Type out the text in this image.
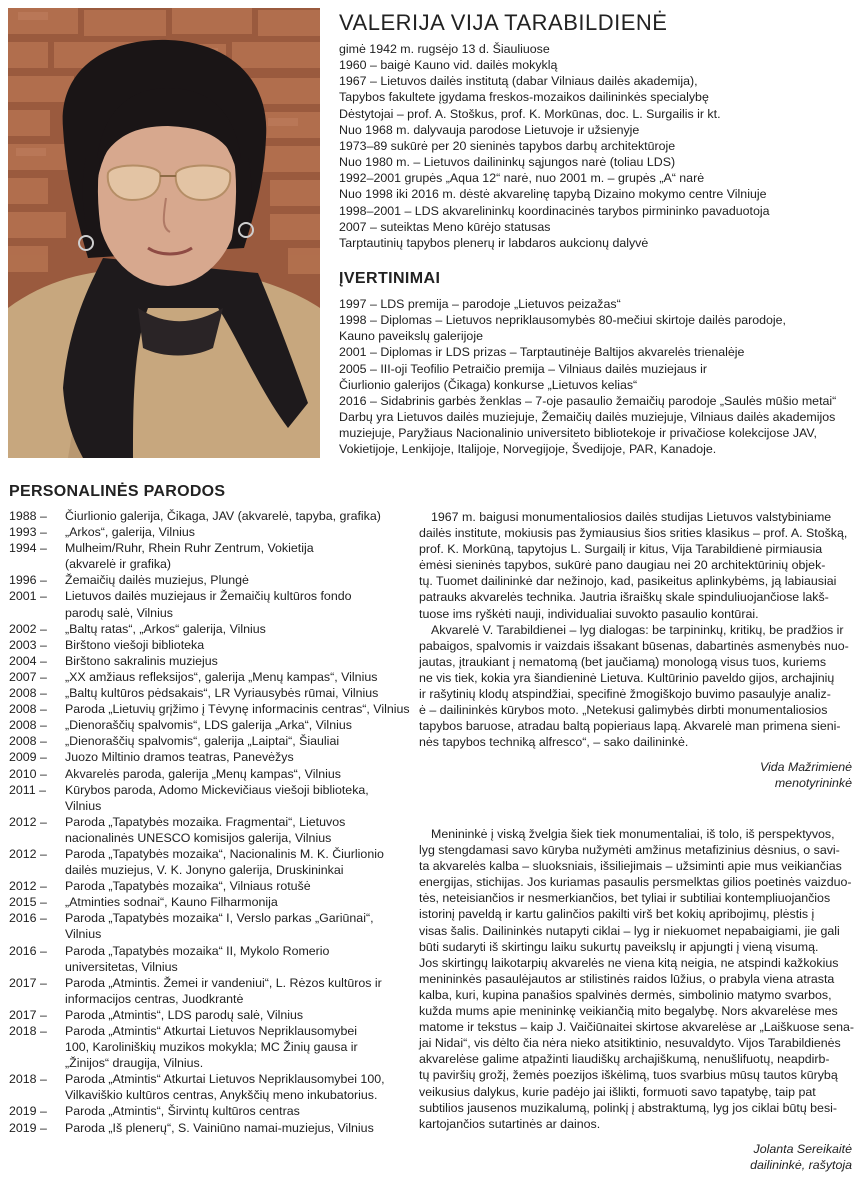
VALERIJA VIJA TARABILDIENĖ
gimė 1942 m. rugsėjo 13 d. Šiauliuose
1960 – baigė Kauno vid. dailės mokyklą
1967 – Lietuvos dailės institutą (dabar Vilniaus dailės akademija),
Tapybos fakultete įgydama freskos-mozaikos dailininkės specialybę
Dėstytojai – prof. A. Stoškus, prof. K. Morkūnas, doc. L. Surgailis ir kt.
Nuo 1968 m. dalyvauja parodose Lietuvoje ir užsienyje
1973–89 sukūrė per 20 sieninės tapybos darbų architektūroje
Nuo 1980 m. – Lietuvos dailininkų sąjungos narė (toliau LDS)
1992–2001 grupės „Aqua 12“ narė, nuo 2001 m. – grupės „A“ narė
Nuo 1998 iki 2016 m. dėstė akvarelinę tapybą Dizaino mokymo centre Vilniuje
1998–2001 – LDS akvarelininkų koordinacinės tarybos pirmininko pavaduotoja
2007 – suteiktas Meno kūrėjo statusas
Tarptautinių tapybos plenerų ir labdaros aukcionų dalyvė
ĮVERTINIMAI
1997 – LDS premija – parodoje „Lietuvos peizažas“
1998 – Diplomas – Lietuvos nepriklausomybės 80-mečiui skirtoje dailės parodoje,
Kauno paveikslų galerijoje
2001 – Diplomas ir LDS prizas – Tarptautinėje Baltijos akvarelės trienalėje
2005 – III-oji Teofilio Petraičio premija – Vilniaus dailės muziejaus ir
Čiurlionio galerijos (Čikaga) konkurse „Lietuvos kelias“
2016 – Sidabrinis garbės ženklas – 7-oje pasaulio žemaičių parodoje „Saulės mūšio metai“
Darbų yra Lietuvos dailės muziejuje, Žemaičių dailės muziejuje, Vilniaus dailės akademijos
muziejuje, Paryžiaus Nacionalinio universiteto bibliotekoje ir privačiose kolekcijose JAV,
Vokietijoje, Lenkijoje, Italijoje, Norvegijoje, Švedijoje, PAR, Kanadoje.
PERSONALINĖS PARODOS
1988 –	Čiurlionio galerija, Čikaga, JAV (akvarelė, tapyba, grafika)
1993 –	„Arkos“, galerija, Vilnius
1994 –	Mulheim/Ruhr, Rhein Ruhr Zentrum, Vokietija
(akvarelė ir grafika)
1996 –	Žemaičių dailės muziejus, Plungė
2001 –	Lietuvos dailės muziejaus ir Žemaičių kultūros fondo
parodų salė, Vilnius
2002 –	„Baltų ratas“, „Arkos“ galerija, Vilnius
2003 –	Birštono viešoji biblioteka
2004 –	Birštono sakralinis muziejus
2007 –	„XX amžiaus refleksijos“, galerija „Menų kampas“, Vilnius
2008 –	„Baltų kultūros pėdsakais“, LR Vyriausybės rūmai, Vilnius
2008 –	Paroda „Lietuvių grįžimo į Tėvynę informacinis centras“, Vilnius
2008 –	„Dienoraščių spalvomis“, LDS galerija „Arka“, Vilnius
2008 –	„Dienoraščių spalvomis“, galerija „Laiptai“, Šiauliai
2009 –	Juozo Miltinio dramos teatras, Panevėžys
2010 –	Akvarelės paroda, galerija „Menų kampas“, Vilnius
2011 –	Kūrybos paroda, Adomo Mickevičiaus viešoji biblioteka,
Vilnius
2012 –	Paroda „Tapatybės mozaika. Fragmentai“, Lietuvos
nacionalinės UNESCO komisijos galerija, Vilnius
2012 –	Paroda „Tapatybės mozaika“, Nacionalinis M. K. Čiurlionio
dailės muziejus, V. K. Jonyno galerija, Druskininkai
2012 –	Paroda „Tapatybės mozaika“, Vilniaus rotušė
2015 –	„Atminties sodnai“, Kauno Filharmonija
2016 –	Paroda „Tapatybės mozaika“ I, Verslo parkas „Gariūnai“,
Vilnius
2016 –	Paroda „Tapatybės mozaika“ II, Mykolo Romerio
universitetas, Vilnius
2017 –	Paroda „Atmintis. Žemei ir vandeniui“, L. Rėzos kultūros ir
informacijos centras, Juodkrantė
2017 –	Paroda „Atmintis“, LDS parodų salė, Vilnius
2018 –	Paroda „Atmintis“ Atkurtai Lietuvos Nepriklausomybei
100, Karoliniškių muzikos mokykla; MC Žinių gausa ir
„Žinijos“ draugija, Vilnius.
2018 –	Paroda „Atmintis“ Atkurtai Lietuvos Nepriklausomybei 100,
Vilkaviškio kultūros centras, Anykščių meno inkubatorius.
2019 –	Paroda „Atmintis“, Širvintų kultūros centras
2019 –	Paroda „Iš plenerų“, S. Vainiūno namai-muziejus, Vilnius
1967 m. baigusi monumentaliosios dailės studijas Lietuvos valstybiniame
dailės institute, mokiusis pas žymiausius šios srities klasikus – prof. A. Stošką,
prof. K. Morkūną, tapytojus L. Surgailį ir kitus, Vija Tarabildienė pirmiausia
ėmėsi sieninės tapybos, sukūrė pano daugiau nei 20 architektūrinių objek-
tų. Tuomet dailininkė dar nežinojo, kad, pasikeitus aplinkybėms, ją labiausiai
patrauks akvarelės technika. Jautria išraiškų skale spinduliuojančiose lakš-
tuose ims ryškėti nauji, individualiai suvokto pasaulio kontūrai.
Akvarelė V. Tarabildienei – lyg dialogas: be tarpininkų, kritikų, be pradžios ir
pabaigos, spalvomis ir vaizdais išsakant būsenas, dabartinės asmenybės nuo-
jautas, įtraukiant į nematomą (bet jaučiamą) monologą visus tuos, kuriems
ne vis tiek, kokia yra šiandieninė Lietuva. Kultūrinio paveldo gijos, archajinių
ir rašytinių klodų atspindžiai, specifinė žmogiškojo buvimo pasaulyje analiz-
ė – dailininkės kūrybos moto. „Netekusi galimybės dirbti monumentaliosios
tapybos baruose, atradau baltą popieriaus lapą. Akvarelė man primena sieni-
nės tapybos techniką alfresco“, – sako dailininkė.
Vida Mažrimienė
menotyrininkė
Menininkė į viską žvelgia šiek tiek monumentaliai, iš tolo, iš perspektyvos,
lyg stengdamasi savo kūryba nužymėti amžinus metafizinius dėsnius, o savi-
ta akvarelės kalba – sluoksniais, išsiliejimais – užsiminti apie mus veikiančias
energijas, stichijas. Jos kuriamas pasaulis persmelktas gilios poetinės vaizduo-
tės, neteisiančios ir nesmerkiančios, bet tyliai ir subtiliai kontempliuojančios
istorinį paveldą ir kartu galinčios pakilti virš bet kokių apribojimų, plėstis į
visas šalis. Dailininkės nutapyti ciklai – lyg ir niekuomet nepabaigiami, jie gali
būti sudaryti iš skirtingu laiku sukurtų paveikslų ir apjungti į vieną visumą.
Jos skirtingų laikotarpių akvarelės ne viena kitą neigia, ne atspindi kažkokius
menininkės pasaulėjautos ar stilistinės raidos lūžius, o prabyla viena atrasta
kalba, kuri, kupina panašios spalvinės dermės, simbolinio matymo svarbos,
kuždа mums apie menininkę veikiančią mito begalybę. Nors akvarelėse mes
matome ir tekstus – kaip J. Vaičiūnaitei skirtose akvarelėse ar „Laiškuose sena-
jai Nidai“, vis dėlto čia nėra nieko atsitiktinio, nesuvaldyto. Vijos Tarabildienės
akvarelėse galime atpažinti liaudiškų archajiškumą, nenušlifuotų, neapdirb-
tų paviršių grožį, žemės poezijos iškėlimą, tuos svarbius mūsų tautos kūrybą
veikusius dalykus, kurie padėjo jai išlikti, formuoti savo tapatybę, taip pat
subtilios jausenos muzikalumą, polinkį į abstraktumą, lyg jos ciklai būtų besi-
kartojančios sutartinės ar dainos.
Jolanta Sereikaitė
dailininkė, rašytoja
